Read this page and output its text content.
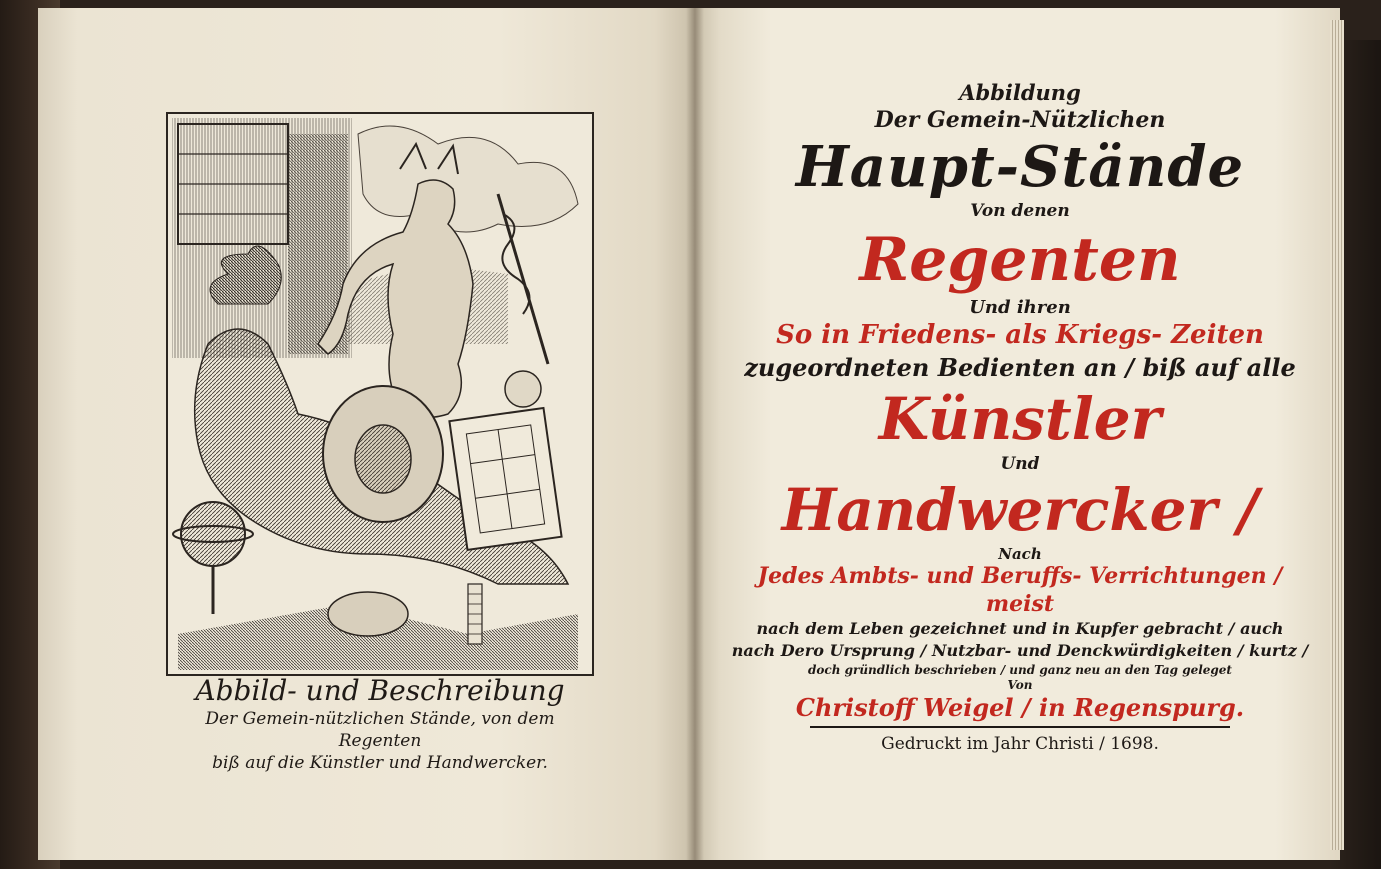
Abbild- und Beschreibung

Der Gemein-nützlichen Stände, von dem Regenten

biß auf die Künstler und Handwercker.

Abbildung
Der Gemein-Nützlichen
Haupt-Stände
Von denen
Regenten
Und ihren
So in Friedens- als Kriegs- Zeiten
zugeordneten Bedienten an / biß auf alle
Künstler
Und
Handwercker /
Nach
Jedes Ambts- und Beruffs- Verrichtungen / meist
nach dem Leben gezeichnet und in Kupfer gebracht / auch
nach Dero Ursprung / Nutzbar- und Denckwürdigkeiten / kurtz /
doch gründlich beschrieben / und ganz neu an den Tag geleget
Von
Christoff Weigel / in Regenspurg.
Gedruckt im Jahr Christi / 1698.
